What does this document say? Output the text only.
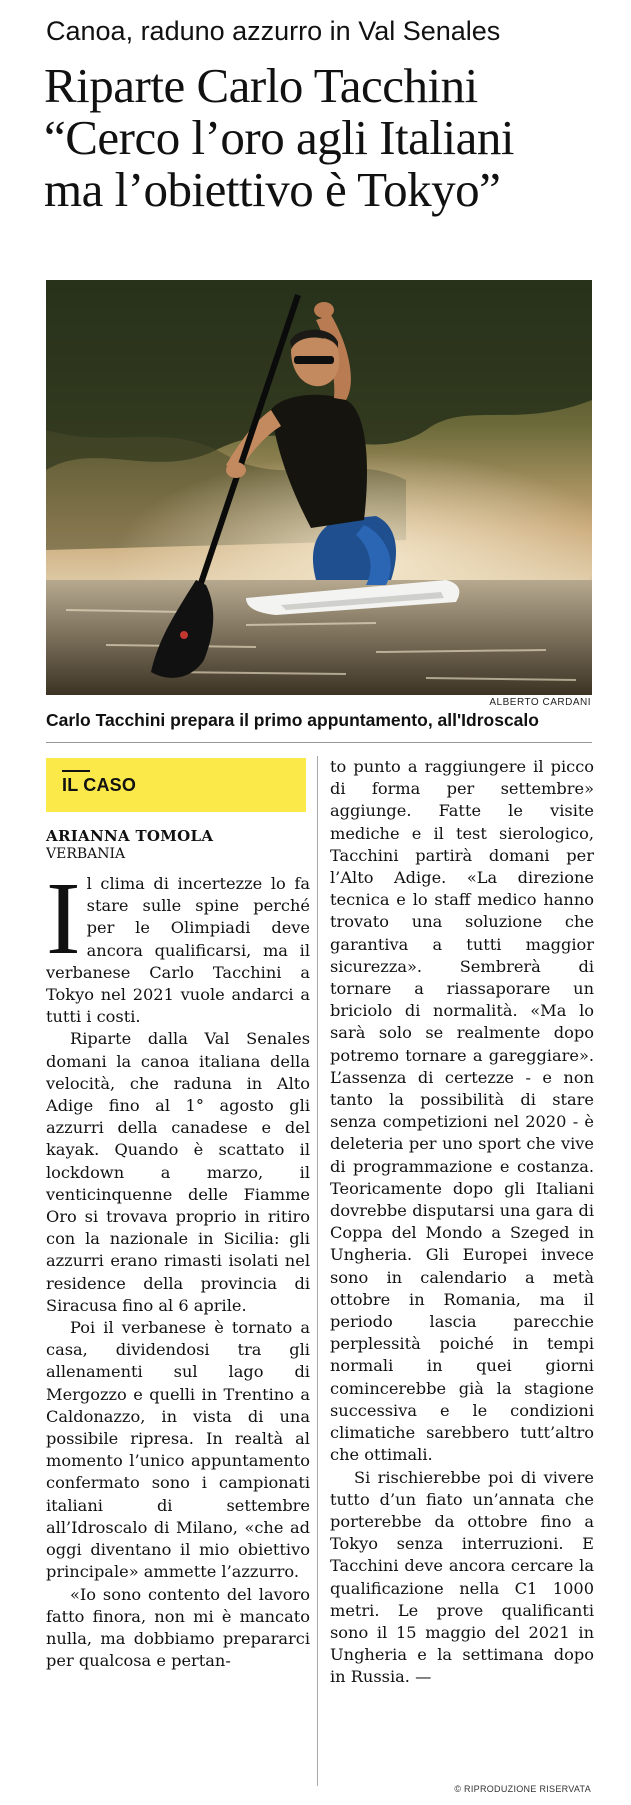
Canoa, raduno azzurro in Val Senales
Riparte Carlo Tacchini
“Cerco l’oro agli Italiani
ma l’obiettivo è Tokyo”
ALBERTO CARDANI
Carlo Tacchini prepara il primo appuntamento, all'Idroscalo
IL CASO
ARIANNA TOMOLA
VERBANIA

Il clima di incertezze lo fa stare sulle spine perché per le Olimpiadi deve ancora qualificarsi, ma il verbanese Carlo Tacchini a Tokyo nel 2021 vuole andarci a tutti i costi.

Riparte dalla Val Senales domani la canoa italiana della velocità, che raduna in Alto Adige fino al 1° agosto gli azzurri della canadese e del kayak. Quando è scattato il lockdown a marzo, il venticinquenne delle Fiamme Oro si trovava proprio in ritiro con la nazionale in Sicilia: gli azzurri erano rimasti isolati nel residence della provincia di Siracusa fino al 6 aprile.

Poi il verbanese è tornato a casa, dividendosi tra gli allenamenti sul lago di Mergozzo e quelli in Trentino a Caldonazzo, in vista di una possibile ripresa. In realtà al momento l’unico appuntamento confermato sono i campionati italiani di settembre all’Idroscalo di Milano, «che ad oggi diventano il mio obiettivo principale» ammette l’azzurro.

«Io sono contento del lavoro fatto finora, non mi è mancato nulla, ma dobbiamo prepararci per qualcosa e pertan-

to punto a raggiungere il picco di forma per settembre» aggiunge. Fatte le visite mediche e il test sierologico, Tacchini partirà domani per l’Alto Adige. «La direzione tecnica e lo staff medico hanno trovato una soluzione che garantiva a tutti maggior sicurezza». Sembrerà di tornare a riassaporare un briciolo di normalità. «Ma lo sarà solo se realmente dopo potremo tornare a gareggiare». L’assenza di certezze - e non tanto la possibilità di stare senza competizioni nel 2020 - è deleteria per uno sport che vive di programmazione e costanza. Teoricamente dopo gli Italiani dovrebbe disputarsi una gara di Coppa del Mondo a Szeged in Ungheria. Gli Europei invece sono in calendario a metà ottobre in Romania, ma il periodo lascia parecchie perplessità poiché in tempi normali in quei giorni comincerebbe già la stagione successiva e le condizioni climatiche sarebbero tutt’altro che ottimali.

Si rischierebbe poi di vivere tutto d’un fiato un’annata che porterebbe da ottobre fino a Tokyo senza interruzioni. E Tacchini deve ancora cercare la qualificazione nella C1 1000 metri. Le prove qualificanti sono il 15 maggio del 2021 in Ungheria e la settimana dopo in Russia. —

© RIPRODUZIONE RISERVATA
